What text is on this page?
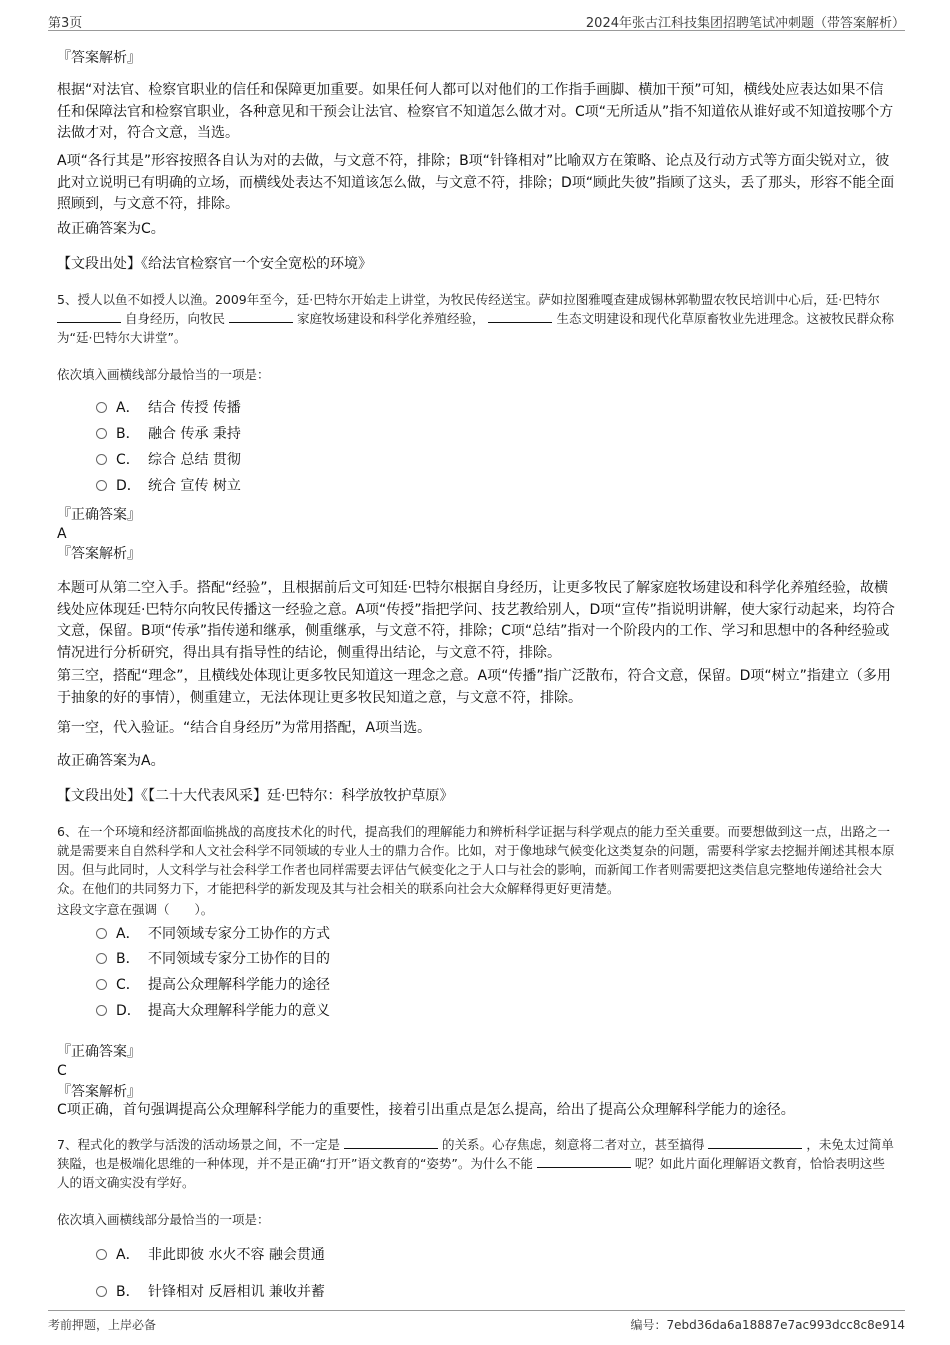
第3页	2024年张古江科技集团招聘笔试冲刺题（带答案解析）
『答案解析』
根据“对法官、检察官职业的信任和保障更加重要。如果任何人都可以对他们的工作指手画脚、横加干预”可知，横线处应表达如果不信任和保障法官和检察官职业，各种意见和干预会让法官、检察官不知道怎么做才对。C项“无所适从”指不知道依从谁好或不知道按哪个方法做才对，符合文意，当选。
A项“各行其是”形容按照各自认为对的去做，与文意不符，排除；B项“针锋相对”比喻双方在策略、论点及行动方式等方面尖锐对立，彼此对立说明已有明确的立场，而横线处表达不知道该怎么做，与文意不符，排除；D项“顾此失彼”指顾了这头，丢了那头，形容不能全面照顾到，与文意不符，排除。
故正确答案为C。
【文段出处】《给法官检察官一个安全宽松的环境》
5、授人以鱼不如授人以渔。2009年至今，廷·巴特尔开始走上讲堂，为牧民传经送宝。萨如拉图雅嘎查建成锡林郭勒盟农牧民培训中心后，廷·巴特尔  自身经历，向牧民	家庭牧场建设和科学化养殖经验，	生态文明建设和现代化草原畜牧业先进理念。这被牧民群众称为“廷·巴特尔大讲堂”。
依次填入画横线部分最恰当的一项是：
A． 结合 传授 传播
B． 融合 传承 秉持
C． 综合 总结 贯彻
D． 统合 宣传 树立
『正确答案』
A
『答案解析』
本题可从第二空入手。搭配“经验”，且根据前后文可知廷·巴特尔根据自身经历，让更多牧民了解家庭牧场建设和科学化养殖经验，故横线处应体现廷·巴特尔向牧民传播这一经验之意。A项“传授”指把学问、技艺教给别人，D项“宣传”指说明讲解，使大家行动起来，均符合文意，保留。B项“传承”指传递和继承，侧重继承，与文意不符，排除；C项“总结”指对一个阶段内的工作、学习和思想中的各种经验或情况进行分析研究，得出具有指导性的结论，侧重得出结论，与文意不符，排除。
第三空，搭配“理念”，且横线处体现让更多牧民知道这一理念之意。A项“传播”指广泛散布，符合文意，保留。D项“树立”指建立（多用于抽象的好的事情），侧重建立，无法体现让更多牧民知道之意，与文意不符，排除。
第一空，代入验证。“结合自身经历”为常用搭配，A项当选。
故正确答案为A。
【文段出处】《【二十大代表风采】廷·巴特尔：科学放牧护草原》
6、在一个环境和经济都面临挑战的高度技术化的时代，提高我们的理解能力和辨析科学证据与科学观点的能力至关重要。而要想做到这一点，出路之一就是需要来自自然科学和人文社会科学不同领域的专业人士的鼎力合作。比如，对于像地球气候变化这类复杂的问题，需要科学家去挖掘并阐述其根本原因。但与此同时，人文科学与社会科学工作者也同样需要去评估气候变化之于人口与社会的影响，而新闻工作者则需要把这类信息完整地传递给社会大众。在他们的共同努力下，才能把科学的新发现及其与社会相关的联系向社会大众解释得更好更清楚。
这段文字意在强调（　　）。
A． 不同领域专家分工协作的方式
B． 不同领域专家分工协作的目的
C． 提高公众理解科学能力的途径
D． 提高大众理解科学能力的意义
『正确答案』
C
『答案解析』
C项正确，首句强调提高公众理解科学能力的重要性，接着引出重点是怎么提高，给出了提高公众理解科学能力的途径。
7、程式化的教学与活泼的活动场景之间，不一定是	的关系。心存焦虑，刻意将二者对立，甚至搞得	，未免太过简单狭隘，也是极端化思维的一种体现，并不是正确“打开”语文教育的“姿势”。为什么不能	呢？如此片面化理解语文教育，恰恰表明这些人的语文确实没有学好。
依次填入画横线部分最恰当的一项是：
A． 非此即彼 水火不容 融会贯通
B． 针锋相对 反唇相讥 兼收并蓄
考前押题，上岸必备	编号：7ebd36da6a18887e7ac993dcc8c8e914
